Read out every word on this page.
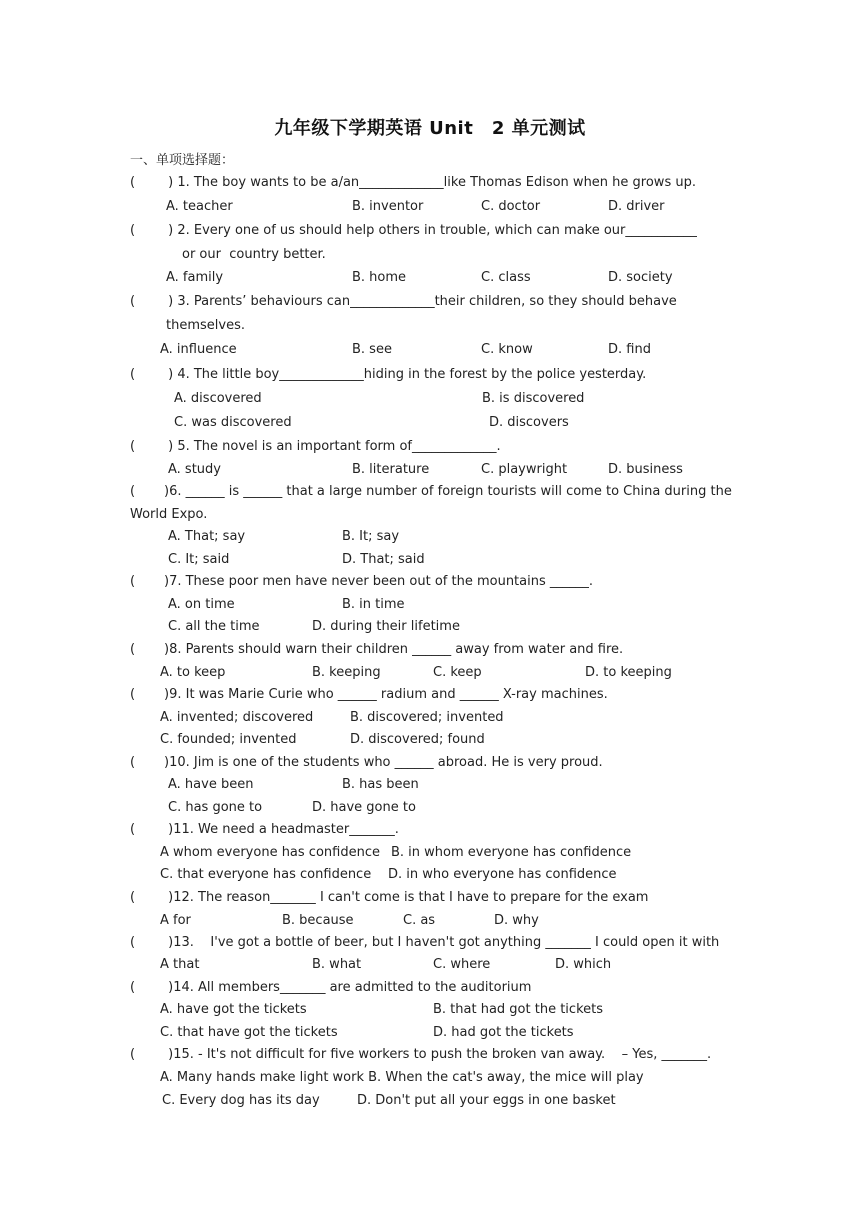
九年级下学期英语 Unit　2 单元测试
一、单项选择题：
(        ) 1. The boy wants to be a/an_____________like Thomas Edison when he grows up.
A. teacher	B. inventor	C. doctor	D. driver
(        ) 2. Every one of us should help others in trouble, which can make our___________
or our  country better.
A. family	B. home	C. class	D. society
(        ) 3. Parents’ behaviours can_____________their children, so they should behave
themselves.
A. influence	B. see	C. know	D. find
(        ) 4. The little boy_____________hiding in the forest by the police yesterday.
A. discovered	B. is discovered
C. was discovered	D. discovers
(        ) 5. The novel is an important form of_____________.
A. study	B. literature	C. playwright	D. business
(       )6. ______ is ______ that a large number of foreign tourists will come to China during the
World Expo.
A. That; say	B. It; say
C. It; said	D. That; said
(       )7. These poor men have never been out of the mountains ______.
A. on time	B. in time
C. all the time	D. during their lifetime
(       )8. Parents should warn their children ______ away from water and fire.
A. to keep	B. keeping	C. keep	D. to keeping
(       )9. It was Marie Curie who ______ radium and ______ X-ray machines.
A. invented; discovered	B. discovered; invented
C. founded; invented	D. discovered; found
(       )10. Jim is one of the students who ______ abroad. He is very proud.
A. have been	B. has been
C. has gone to	D. have gone to
(        )11. We need a headmaster_______.
A whom everyone has confidence B. in whom everyone has confidence
C. that everyone has confidence D. in who everyone has confidence
(        )12. The reason_______ I can't come is that I have to prepare for the exam
A for	B. because	C. as	D. why
(        )13.    I've got a bottle of beer, but I haven't got anything _______ I could open it with
A that	B. what	C. where	D. which
(        )14. All members_______ are admitted to the auditorium
A. have got the tickets	B. that had got the tickets
C. that have got the tickets	D. had got the tickets
(        )15. - It's not difficult for five workers to push the broken van away.    – Yes, _______.
A. Many hands make light work B. When the cat's away, the mice will play
C. Every dog has its day	D. Don't put all your eggs in one basket
